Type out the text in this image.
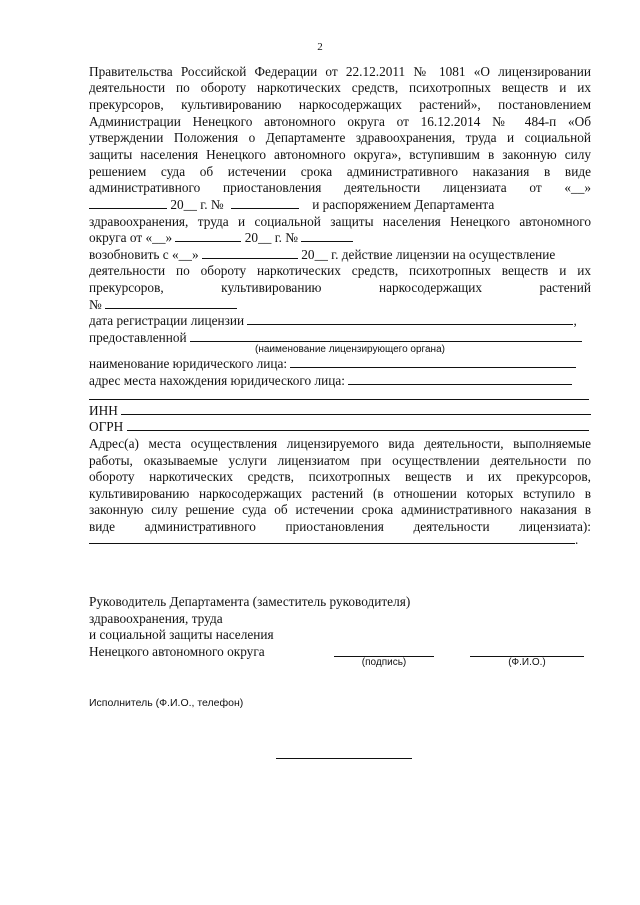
2
Правительства Российской Федерации от 22.12.2011 № 1081 «О лицензировании
деятельности по обороту наркотических средств, психотропных веществ и их
прекурсоров, культивированию наркосодержащих растений», постановлением
Администрации Ненецкого автономного округа от 16.12.2014 № 484-п «Об
утверждении Положения о Департаменте здравоохранения, труда и социальной
защиты населения Ненецкого автономного округа», вступившим в законную силу
решением суда об истечении срока административного наказания в виде
административного приостановления деятельности лицензиата от «__»
20__ г. №	и распоряжением Департамента
здравоохранения, труда и социальной защиты населения Ненецкого автономного
округа от «__»	20__ г. №
возобновить с «__»	20__ г. действие лицензии на осуществление
деятельности по обороту наркотических средств, психотропных веществ и их
прекурсоров, культивированию наркосодержащих растений
№
дата регистрации лицензии	,
предоставленной
(наименование лицензирующего органа)
наименование юридического лица:
адрес места нахождения юридического лица:
ИНН
ОГРН
Адрес(а) места осуществления лицензируемого вида деятельности, выполняемые
работы, оказываемые услуги лицензиатом при осуществлении деятельности по
обороту наркотических средств, психотропных веществ и их прекурсоров,
культивированию наркосодержащих растений (в отношении которых вступило в
законную силу решение суда об истечении срока административного наказания в
виде административного приостановления деятельности лицензиата):
.
Руководитель Департамента (заместитель руководителя)
здравоохранения, труда
и социальной защиты населения
Ненецкого автономного округа
(подпись)	(Ф.И.О.)
Исполнитель (Ф.И.О., телефон)
